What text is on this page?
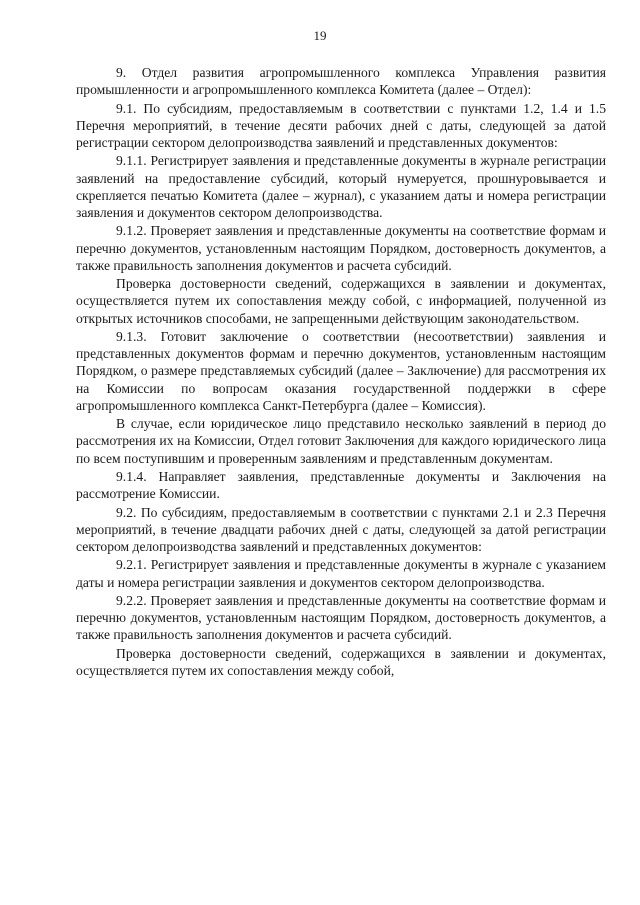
19

9. Отдел развития агропромышленного комплекса Управления развития промышленности и агропромышленного комплекса Комитета (далее – Отдел):

9.1. По субсидиям, предоставляемым в соответствии с пунктами 1.2, 1.4 и 1.5 Перечня мероприятий, в течение десяти рабочих дней с даты, следующей за датой регистрации сектором делопроизводства заявлений и представленных документов:

9.1.1. Регистрирует заявления и представленные документы в журнале регистрации заявлений на предоставление субсидий, который нумеруется, прошнуровывается и скрепляется печатью Комитета (далее – журнал), с указанием даты и номера регистрации заявления и документов сектором делопроизводства.

9.1.2. Проверяет заявления и представленные документы на соответствие формам и перечню документов, установленным настоящим Порядком, достоверность документов, а также правильность заполнения документов и расчета субсидий.

Проверка достоверности сведений, содержащихся в заявлении и документах, осуществляется путем их сопоставления между собой, с информацией, полученной из открытых источников способами, не запрещенными действующим законодательством.

9.1.3. Готовит заключение о соответствии (несоответствии) заявления и представленных документов формам и перечню документов, установленным настоящим Порядком, о размере представляемых субсидий (далее – Заключение) для рассмотрения их на Комиссии по вопросам оказания государственной поддержки в сфере агропромышленного комплекса Санкт-Петербурга (далее – Комиссия).

В случае, если юридическое лицо представило несколько заявлений в период до рассмотрения их на Комиссии, Отдел готовит Заключения для каждого юридического лица по всем поступившим и проверенным заявлениям и представленным документам.

9.1.4. Направляет заявления, представленные документы и Заключения на рассмотрение Комиссии.

9.2. По субсидиям, предоставляемым в соответствии с пунктами 2.1 и 2.3 Перечня мероприятий, в течение двадцати рабочих дней с даты, следующей за датой регистрации сектором делопроизводства заявлений и представленных документов:

9.2.1. Регистрирует заявления и представленные документы в журнале с указанием даты и номера регистрации заявления и документов сектором делопроизводства.

9.2.2. Проверяет заявления и представленные документы на соответствие формам и перечню документов, установленным настоящим Порядком, достоверность документов, а также правильность заполнения документов и расчета субсидий.

Проверка достоверности сведений, содержащихся в заявлении и документах, осуществляется путем их сопоставления между собой,
